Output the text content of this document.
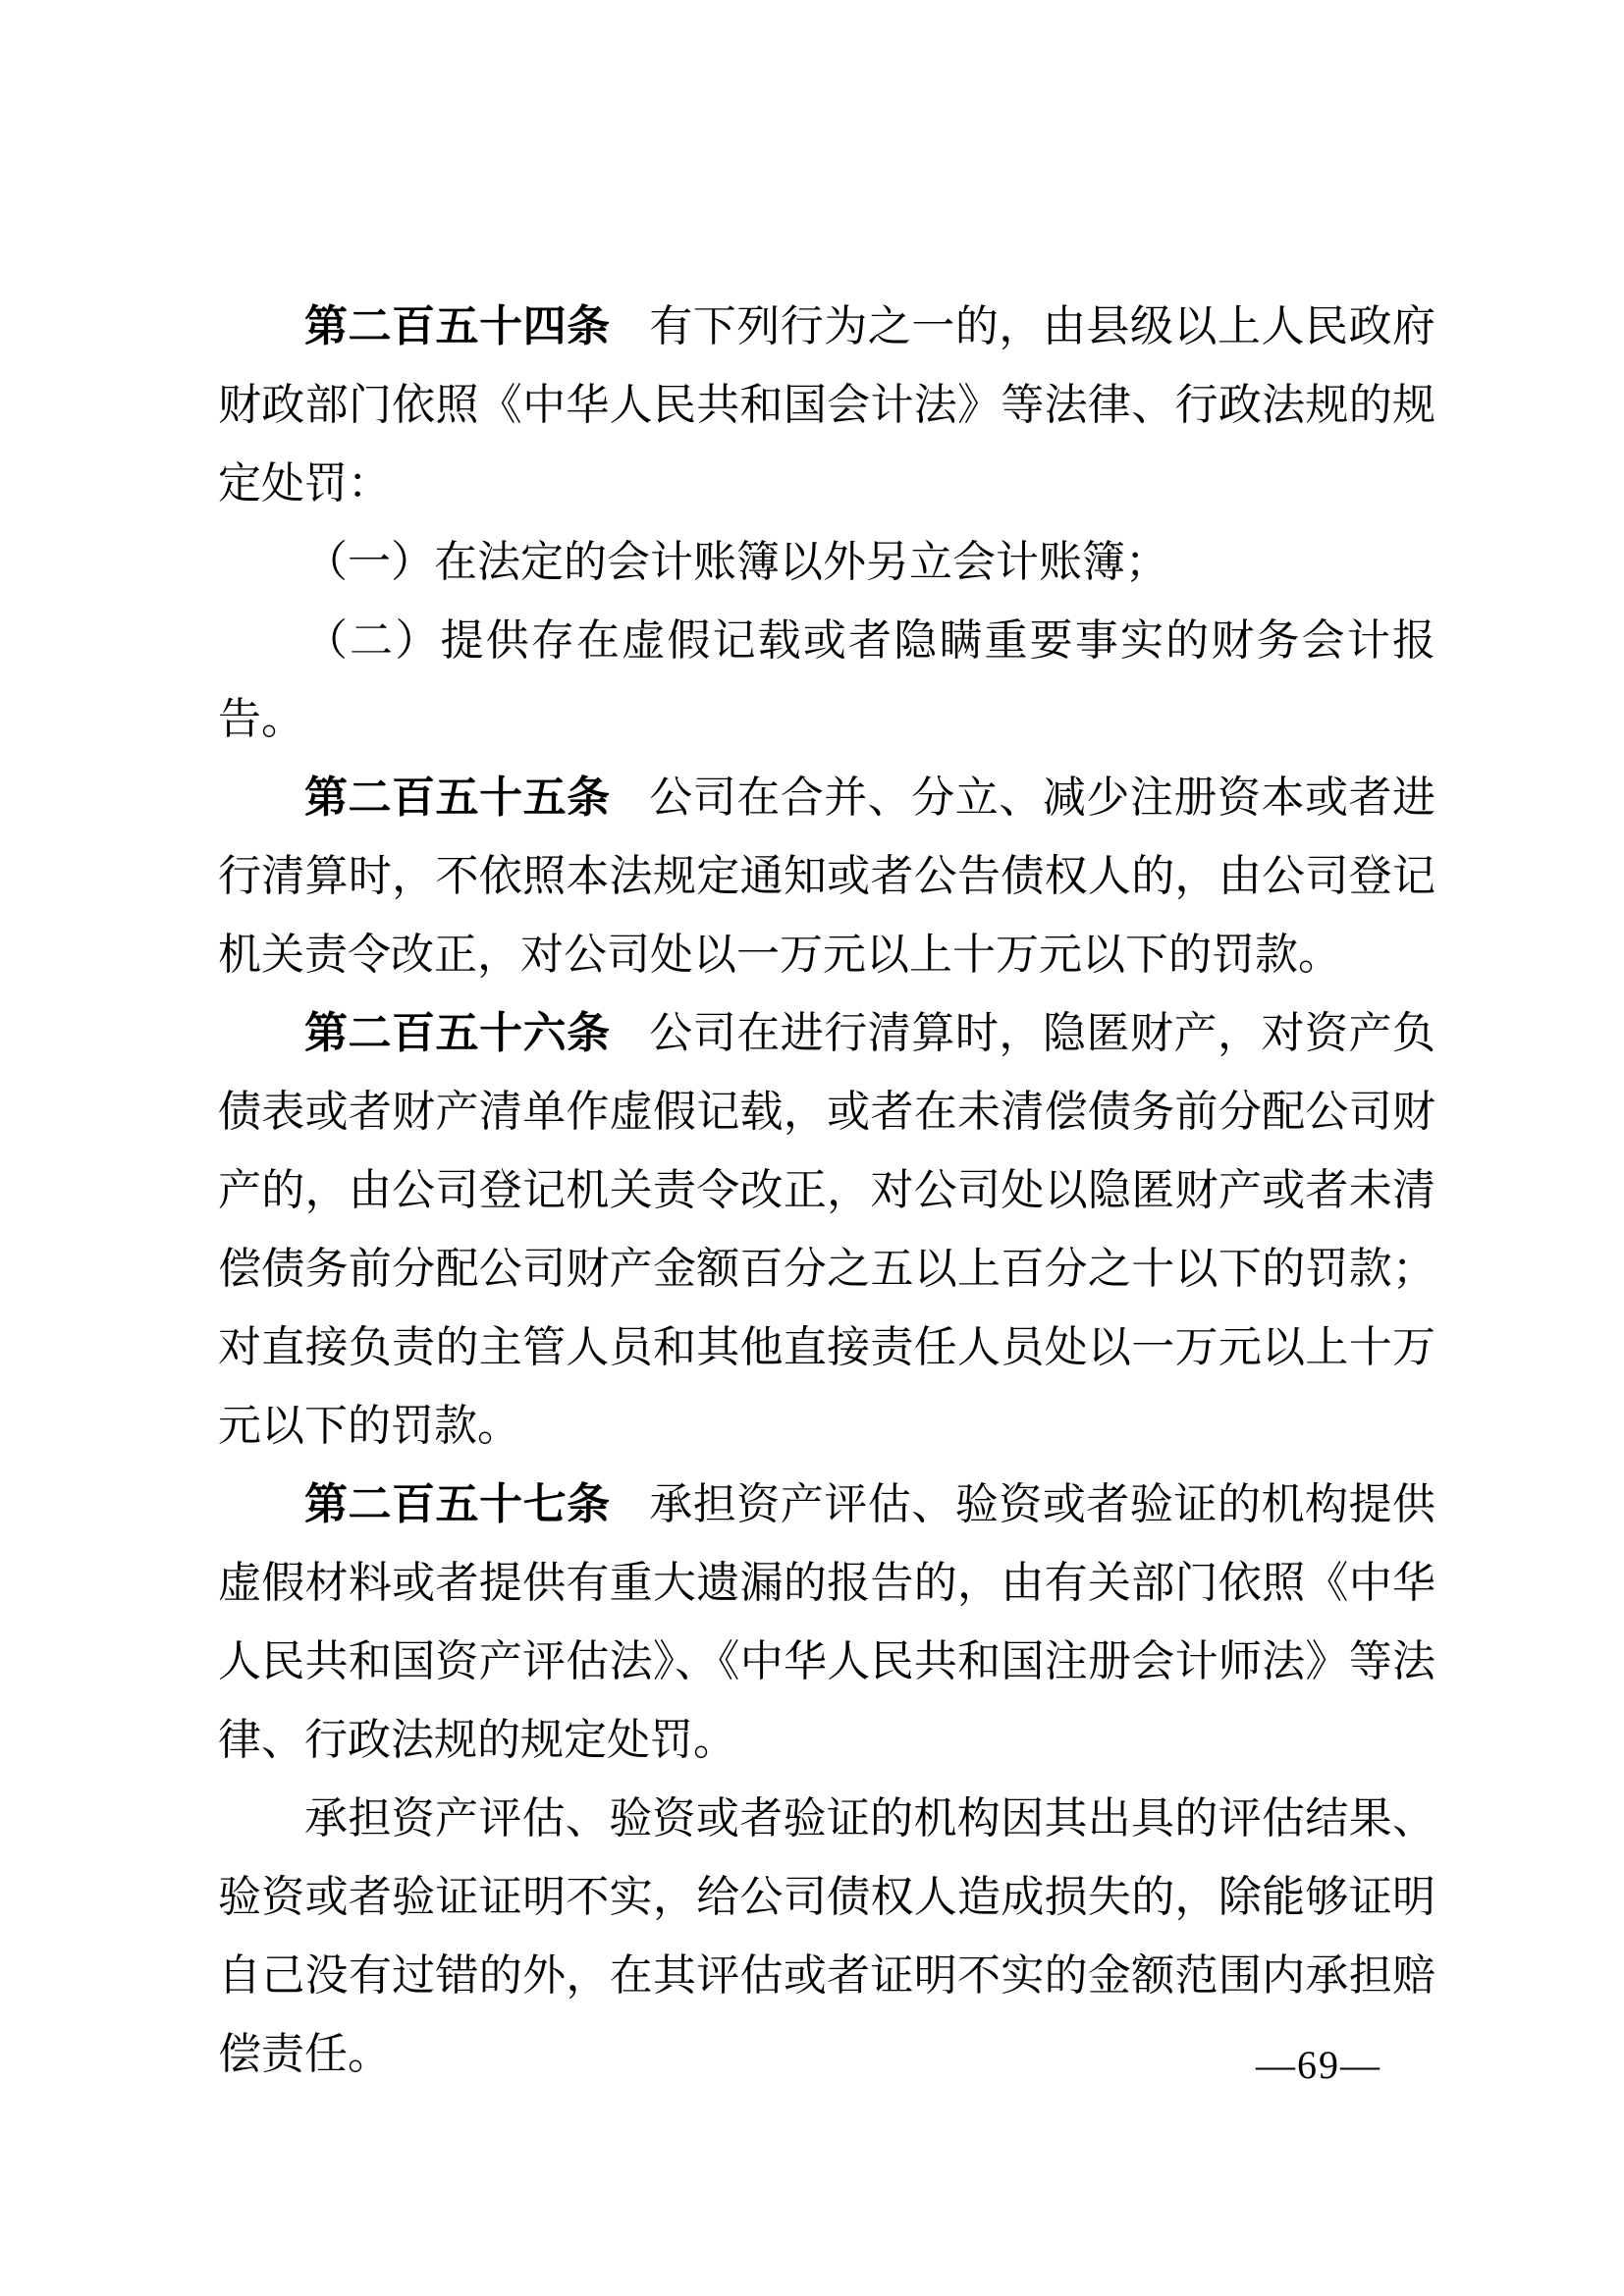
第二百五十四条 有下列行为之一的，由县级以上人民政府财政部门依照《中华人民共和国会计法》等法律、行政法规的规定处罚：

（一）在法定的会计账簿以外另立会计账簿；

（二）提供存在虚假记载或者隐瞒重要事实的财务会计报告。

第二百五十五条 公司在合并、分立、减少注册资本或者进行清算时，不依照本法规定通知或者公告债权人的，由公司登记机关责令改正，对公司处以一万元以上十万元以下的罚款。

第二百五十六条 公司在进行清算时，隐匿财产，对资产负债表或者财产清单作虚假记载，或者在未清偿债务前分配公司财产的，由公司登记机关责令改正，对公司处以隐匿财产或者未清偿债务前分配公司财产金额百分之五以上百分之十以下的罚款；对直接负责的主管人员和其他直接责任人员处以一万元以上十万元以下的罚款。

第二百五十七条 承担资产评估、验资或者验证的机构提供虚假材料或者提供有重大遗漏的报告的，由有关部门依照《中华人民共和国资产评估法》、《中华人民共和国注册会计师法》等法律、行政法规的规定处罚。

承担资产评估、验资或者验证的机构因其出具的评估结果、验资或者验证证明不实，给公司债权人造成损失的，除能够证明自己没有过错的外，在其评估或者证明不实的金额范围内承担赔偿责任。	—69—
